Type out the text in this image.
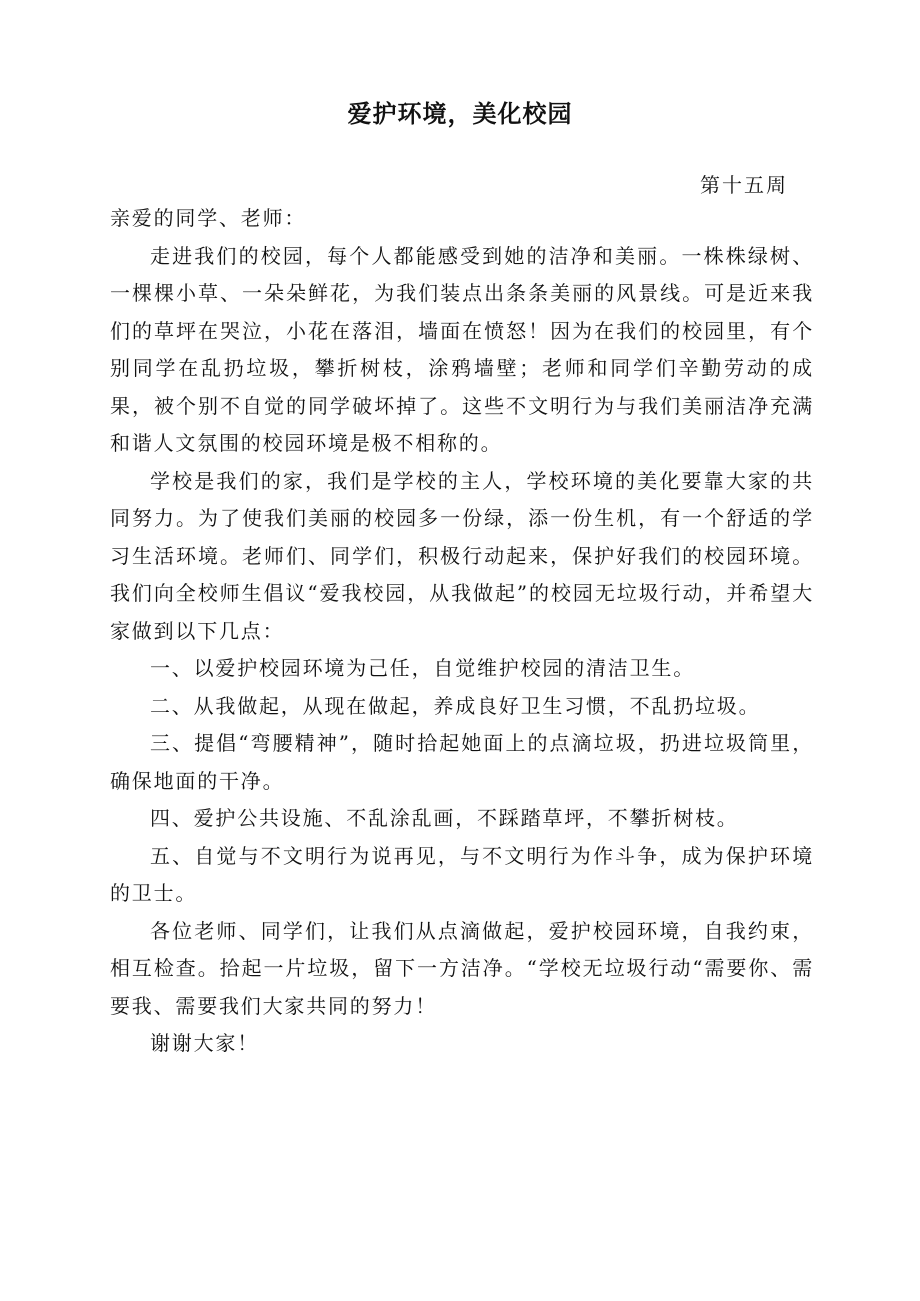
爱护环境，美化校园
第十五周

亲爱的同学、老师：

走进我们的校园，每个人都能感受到她的洁净和美丽。一株株绿树、一棵棵小草、一朵朵鲜花，为我们装点出条条美丽的风景线。可是近来我们的草坪在哭泣，小花在落泪，墙面在愤怒！因为在我们的校园里，有个别同学在乱扔垃圾，攀折树枝，涂鸦墙壁；老师和同学们辛勤劳动的成果，被个别不自觉的同学破坏掉了。这些不文明行为与我们美丽洁净充满和谐人文氛围的校园环境是极不相称的。

学校是我们的家，我们是学校的主人，学校环境的美化要靠大家的共同努力。为了使我们美丽的校园多一份绿，添一份生机，有一个舒适的学习生活环境。老师们、同学们，积极行动起来，保护好我们的校园环境。我们向全校师生倡议“爱我校园，从我做起”的校园无垃圾行动，并希望大家做到以下几点：

一、以爱护校园环境为己任，自觉维护校园的清洁卫生。

二、从我做起，从现在做起，养成良好卫生习惯，不乱扔垃圾。

三、提倡“弯腰精神”，随时拾起她面上的点滴垃圾，扔进垃圾筒里，确保地面的干净。

四、爱护公共设施、不乱涂乱画，不踩踏草坪，不攀折树枝。

五、自觉与不文明行为说再见，与不文明行为作斗争，成为保护环境的卫士。

各位老师、同学们，让我们从点滴做起，爱护校园环境，自我约束，相互检查。拾起一片垃圾，留下一方洁净。“学校无垃圾行动“需要你、需要我、需要我们大家共同的努力！

谢谢大家！
